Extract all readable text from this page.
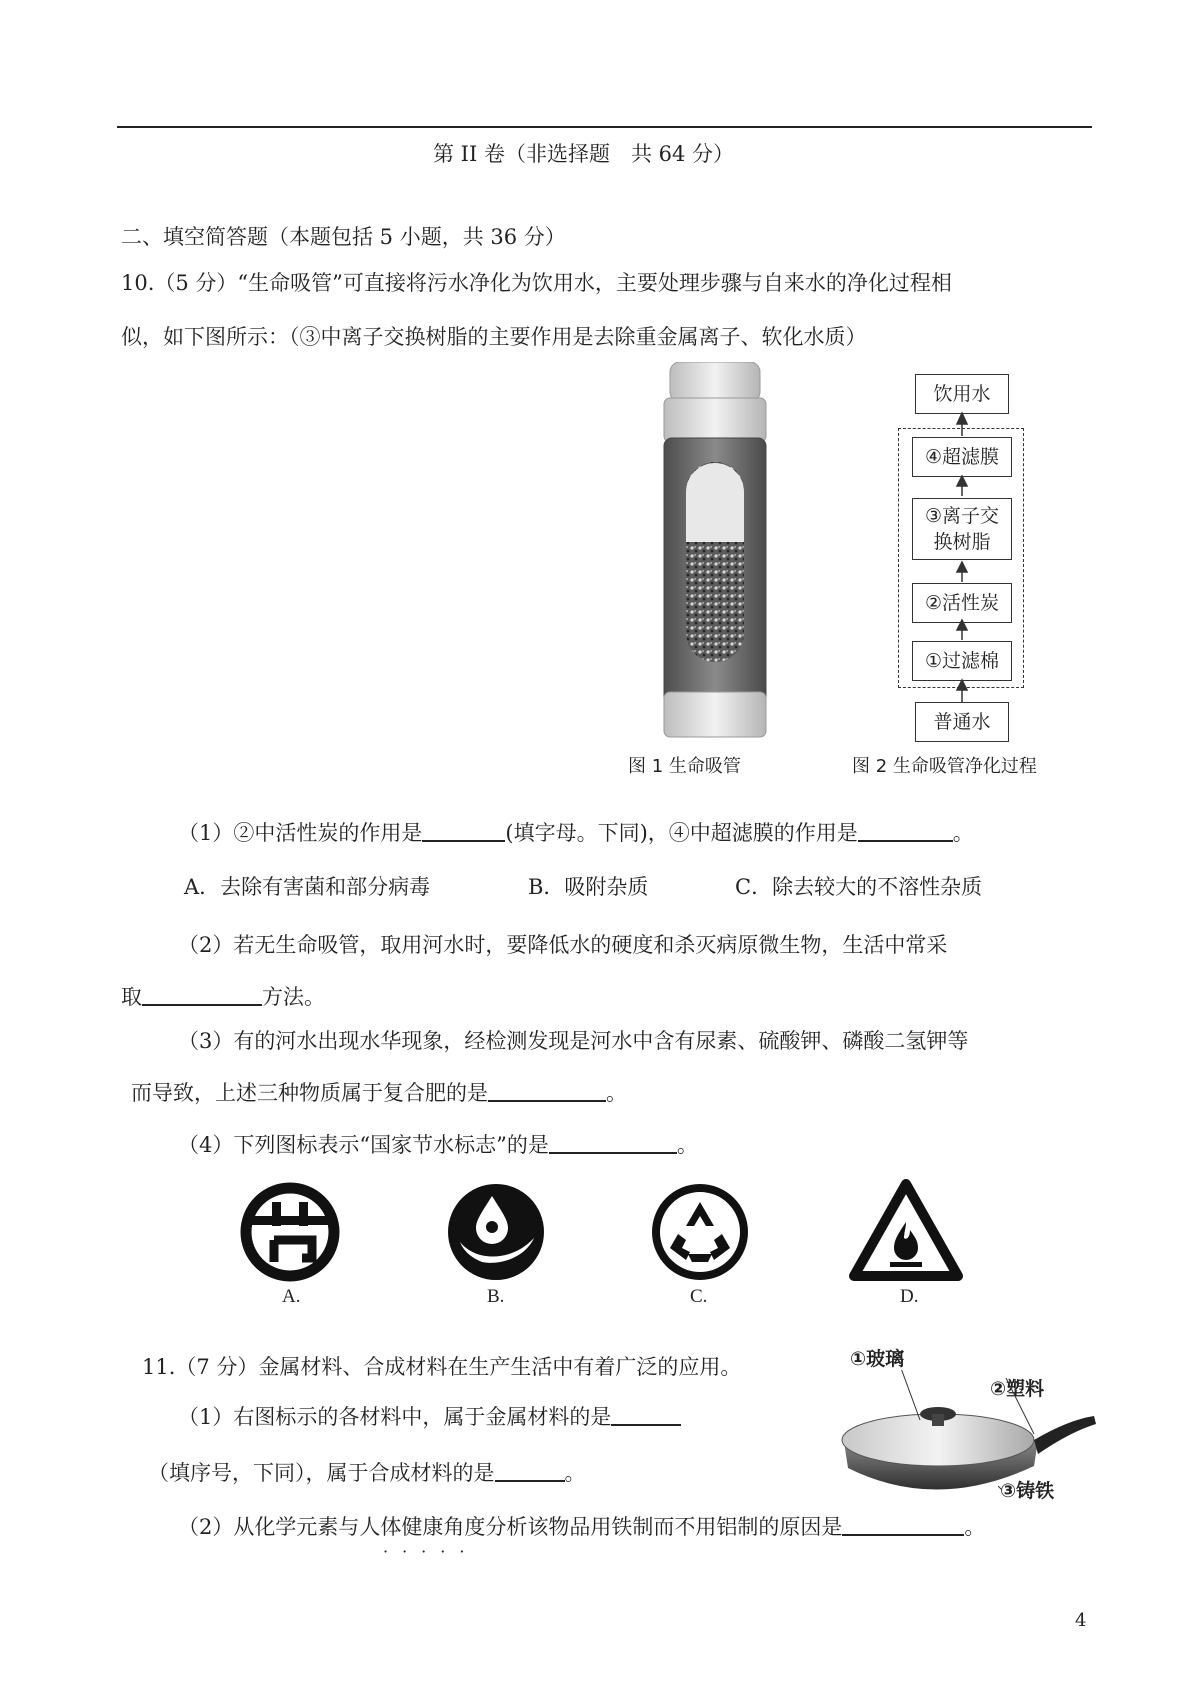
第 II 卷（非选择题　共 64 分）
二、填空简答题（本题包括 5 小题，共 36 分）
10.（5 分）“生命吸管”可直接将污水净化为饮用水，主要处理步骤与自来水的净化过程相
似，如下图所示：（③中离子交换树脂的主要作用是去除重金属离子、软化水质）
图 1 生命吸管
饮用水
④超滤膜
③离子交
换树脂
②活性炭
①过滤棉
普通水
图 2 生命吸管净化过程
（1）②中活性炭的作用是	(填字母。下同)，④中超滤膜的作用是	。
A．去除有害菌和部分病毒	B．吸附杂质	C．除去较大的不溶性杂质
（2）若无生命吸管，取用河水时，要降低水的硬度和杀灭病原微生物，生活中常采
取	方法。
（3）有的河水出现水华现象，经检测发现是河水中含有尿素、硫酸钾、磷酸二氢钾等
而导致，上述三种物质属于复合肥的是	。
（4）下列图标表示“国家节水标志”的是	。
A.	B.	C.	D.
11.（7 分）金属材料、合成材料在生产生活中有着广泛的应用。
（1）右图标示的各材料中，属于金属材料的是
（填序号，下同），属于合成材料的是	。
（2）从化学元素与人体健康角度分析该物品用铁制而不用铝制的原因是	。
·····
①玻璃
②塑料
③铸铁
4
